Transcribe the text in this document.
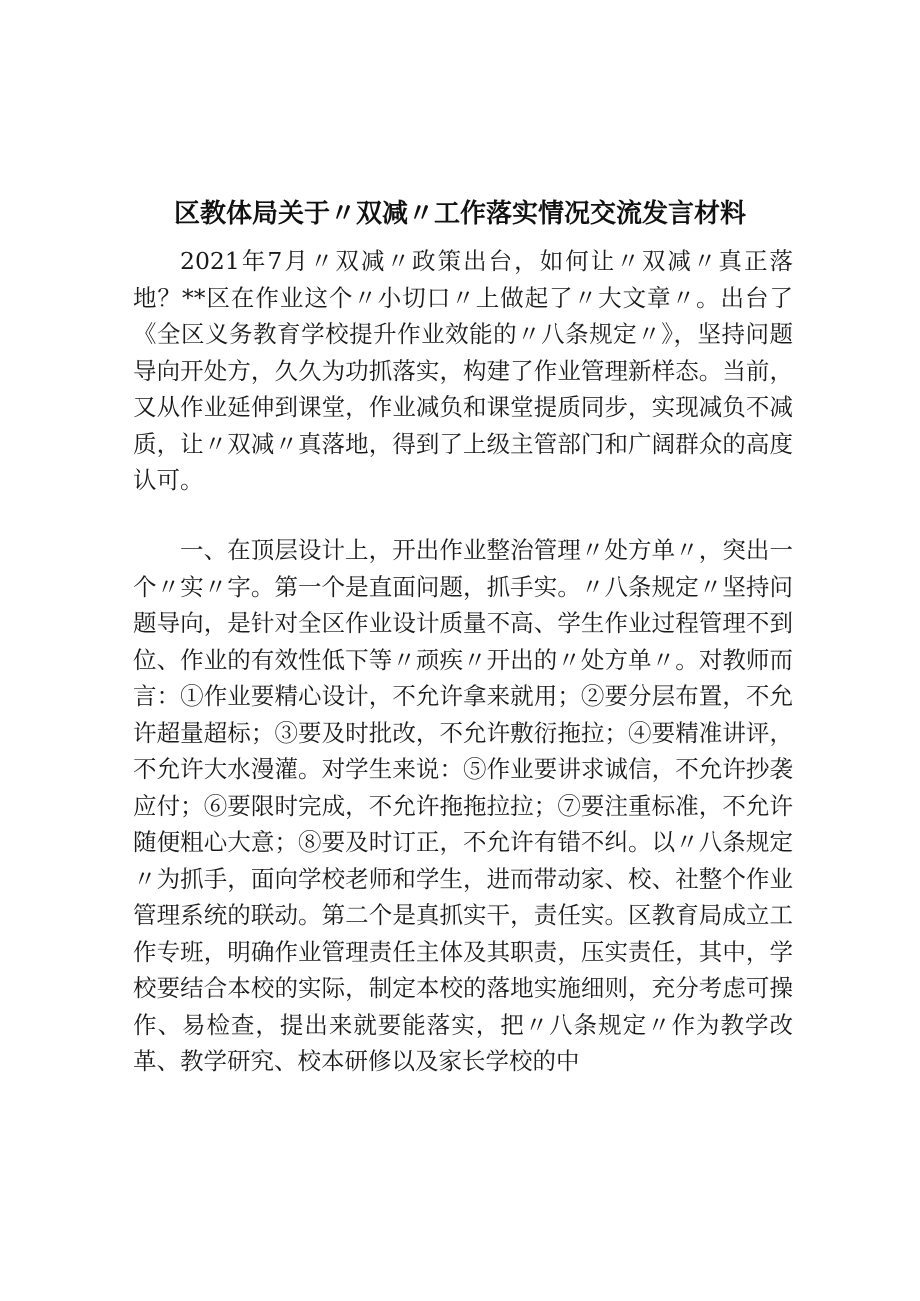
区教体局关于〃双减〃工作落实情况交流发言材料

2021年7月〃双减〃政策出台，如何让〃双减〃真正落地？**区在作业这个〃小切口〃上做起了〃大文章〃。出台了《全区义务教育学校提升作业效能的〃八条规定〃》，坚持问题导向开处方，久久为功抓落实，构建了作业管理新样态。当前，又从作业延伸到课堂，作业减负和课堂提质同步，实现减负不减质，让〃双减〃真落地，得到了上级主管部门和广阔群众的高度认可。

一、在顶层设计上，开出作业整治管理〃处方单〃，突出一个〃实〃字。第一个是直面问题，抓手实。〃八条规定〃坚持问题导向，是针对全区作业设计质量不高、学生作业过程管理不到位、作业的有效性低下等〃顽疾〃开出的〃处方单〃。对教师而言：①作业要精心设计，不允许拿来就用；②要分层布置，不允许超量超标；③要及时批改，不允许敷衍拖拉；④要精准讲评，不允许大水漫灌。对学生来说：⑤作业要讲求诚信，不允许抄袭应付；⑥要限时完成，不允许拖拖拉拉；⑦要注重标准，不允许随便粗心大意；⑧要及时订正，不允许有错不纠。以〃八条规定〃为抓手，面向学校老师和学生，进而带动家、校、社整个作业管理系统的联动。第二个是真抓实干，责任实。区教育局成立工作专班，明确作业管理责任主体及其职责，压实责任，其中，学校要结合本校的实际，制定本校的落地实施细则，充分考虑可操作、易检查，提出来就要能落实，把〃八条规定〃作为教学改革、教学研究、校本研修以及家长学校的中
